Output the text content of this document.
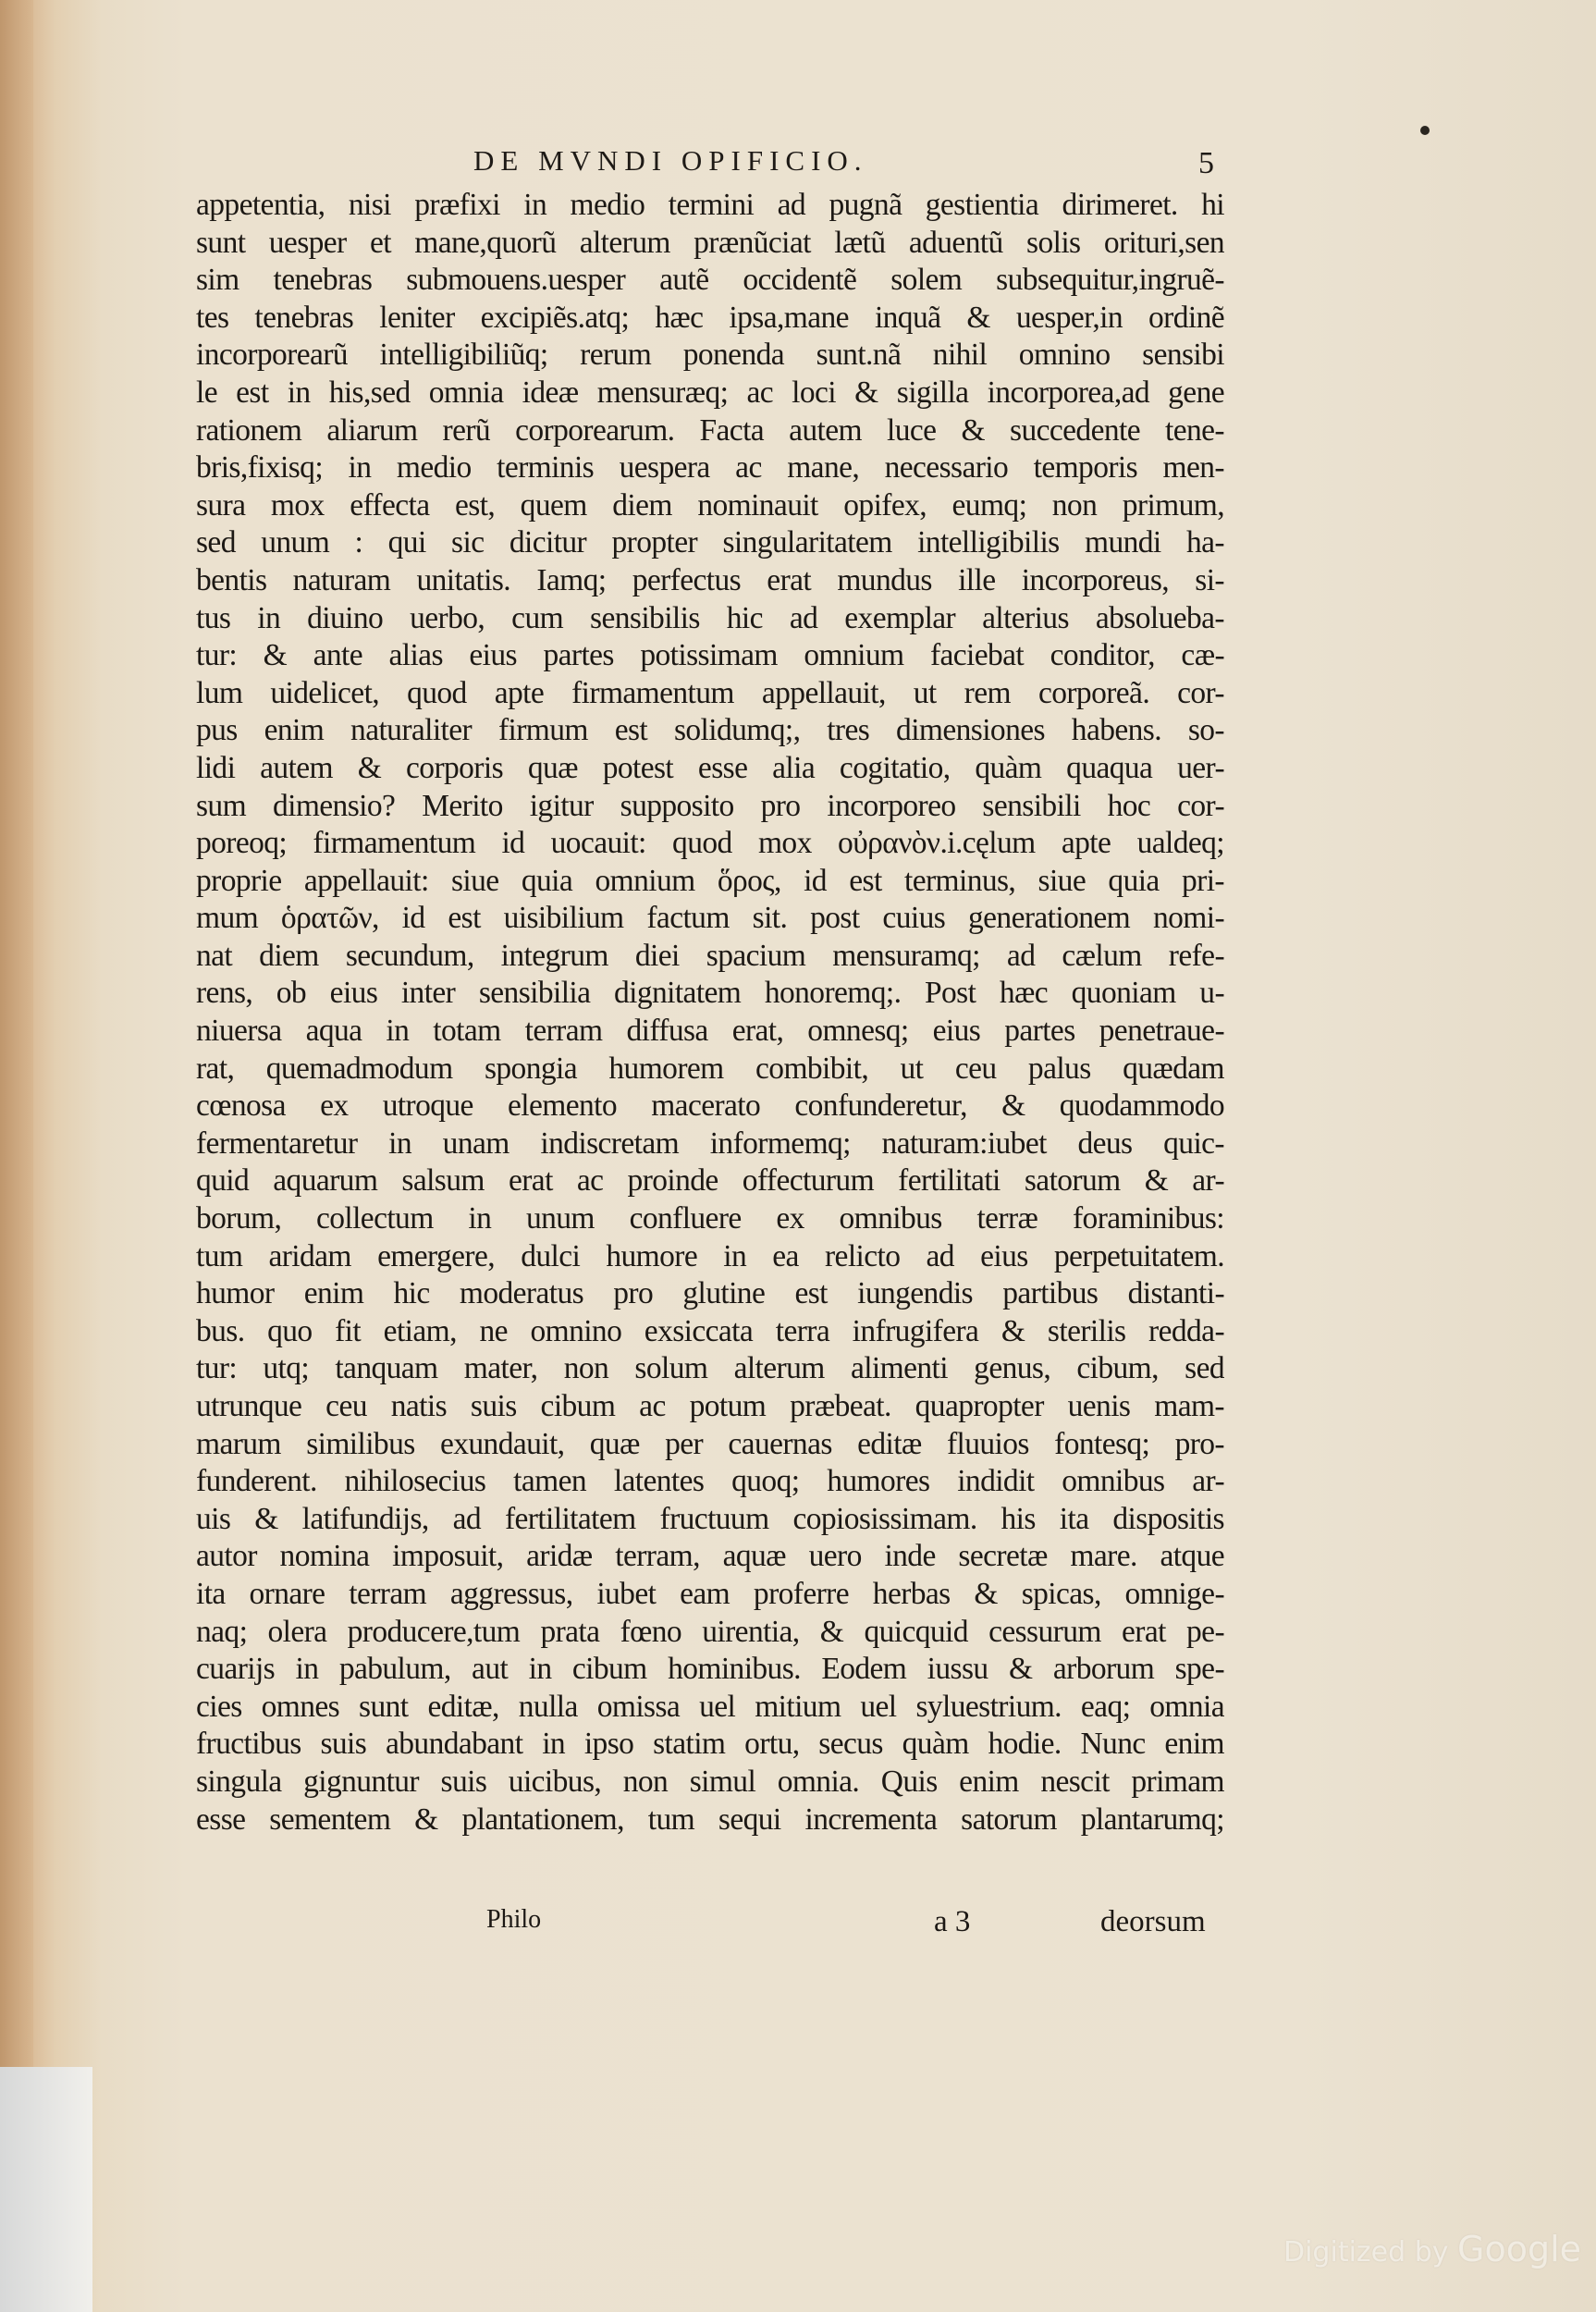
DE MVNDI OPIFICIO.	5
appetentia, nisi præfixi in medio termini ad pugnã gestientia dirimeret. hi
sunt uesper et mane,quorũ alterum prænũciat lætũ aduentũ solis orituri,sen
sim tenebras submouens.uesper autẽ occidentẽ solem subsequitur,ingruẽ-
tes tenebras leniter excipiẽs.atq; hæc ipsa,mane inquã & uesper,in ordinẽ
incorporearũ intelligibiliũq; rerum ponenda sunt.nã nihil omnino sensibi
le est in his,sed omnia ideæ mensuræq; ac loci & sigilla incorporea,ad gene
rationem aliarum rerũ corporearum. Facta autem luce & succedente tene-
bris,fixisq; in medio terminis uespera ac mane, necessario temporis men-
sura mox effecta est, quem diem nominauit opifex, eumq; non primum,
sed unum : qui sic dicitur propter singularitatem intelligibilis mundi ha-
bentis naturam unitatis. Iamq; perfectus erat mundus ille incorporeus, si-
tus in diuino uerbo, cum sensibilis hic ad exemplar alterius absolueba-
tur: & ante alias eius partes potissimam omnium faciebat conditor, cæ-
lum uidelicet, quod apte firmamentum appellauit, ut rem corporeã. cor-
pus enim naturaliter firmum est solidumq;, tres dimensiones habens. so-
lidi autem & corporis quæ potest esse alia cogitatio, quàm quaqua uer-
sum dimensio? Merito igitur supposito pro incorporeo sensibili hoc cor-
poreoq; firmamentum id uocauit: quod mox οὐρανὸν.i.cęlum apte ualdeq;
proprie appellauit: siue quia omnium ὅρος, id est terminus, siue quia pri-
mum ὁρατῶν, id est uisibilium factum sit. post cuius generationem nomi-
nat diem secundum, integrum diei spacium mensuramq; ad cælum refe-
rens, ob eius inter sensibilia dignitatem honoremq;. Post hæc quoniam u-
niuersa aqua in totam terram diffusa erat, omnesq; eius partes penetraue-
rat, quemadmodum spongia humorem combibit, ut ceu palus quædam
cœnosa ex utroque elemento macerato confunderetur, & quodammodo
fermentaretur in unam indiscretam informemq; naturam:iubet deus quic-
quid aquarum salsum erat ac proinde offecturum fertilitati satorum & ar-
borum, collectum in unum confluere ex omnibus terræ foraminibus:
tum aridam emergere, dulci humore in ea relicto ad eius perpetuitatem.
humor enim hic moderatus pro glutine est iungendis partibus distanti-
bus. quo fit etiam, ne omnino exsiccata terra infrugifera & sterilis redda-
tur: utq; tanquam mater, non solum alterum alimenti genus, cibum, sed
utrunque ceu natis suis cibum ac potum præbeat. quapropter uenis mam-
marum similibus exundauit, quæ per cauernas editæ fluuios fontesq; pro-
funderent. nihilosecius tamen latentes quoq; humores indidit omnibus ar-
uis & latifundijs, ad fertilitatem fructuum copiosissimam. his ita dispositis
autor nomina imposuit, aridæ terram, aquæ uero inde secretæ mare. atque
ita ornare terram aggressus, iubet eam proferre herbas & spicas, omnige-
naq; olera producere,tum prata fœno uirentia, & quicquid cessurum erat pe-
cuarijs in pabulum, aut in cibum hominibus. Eodem iussu & arborum spe-
cies omnes sunt editæ, nulla omissa uel mitium uel syluestrium. eaq; omnia
fructibus suis abundabant in ipso statim ortu, secus quàm hodie. Nunc enim
singula gignuntur suis uicibus, non simul omnia. Quis enim nescit primam
esse sementem & plantationem, tum sequi incrementa satorum plantarumq;
Philo	a 3	deorsum
Digitized by Google
